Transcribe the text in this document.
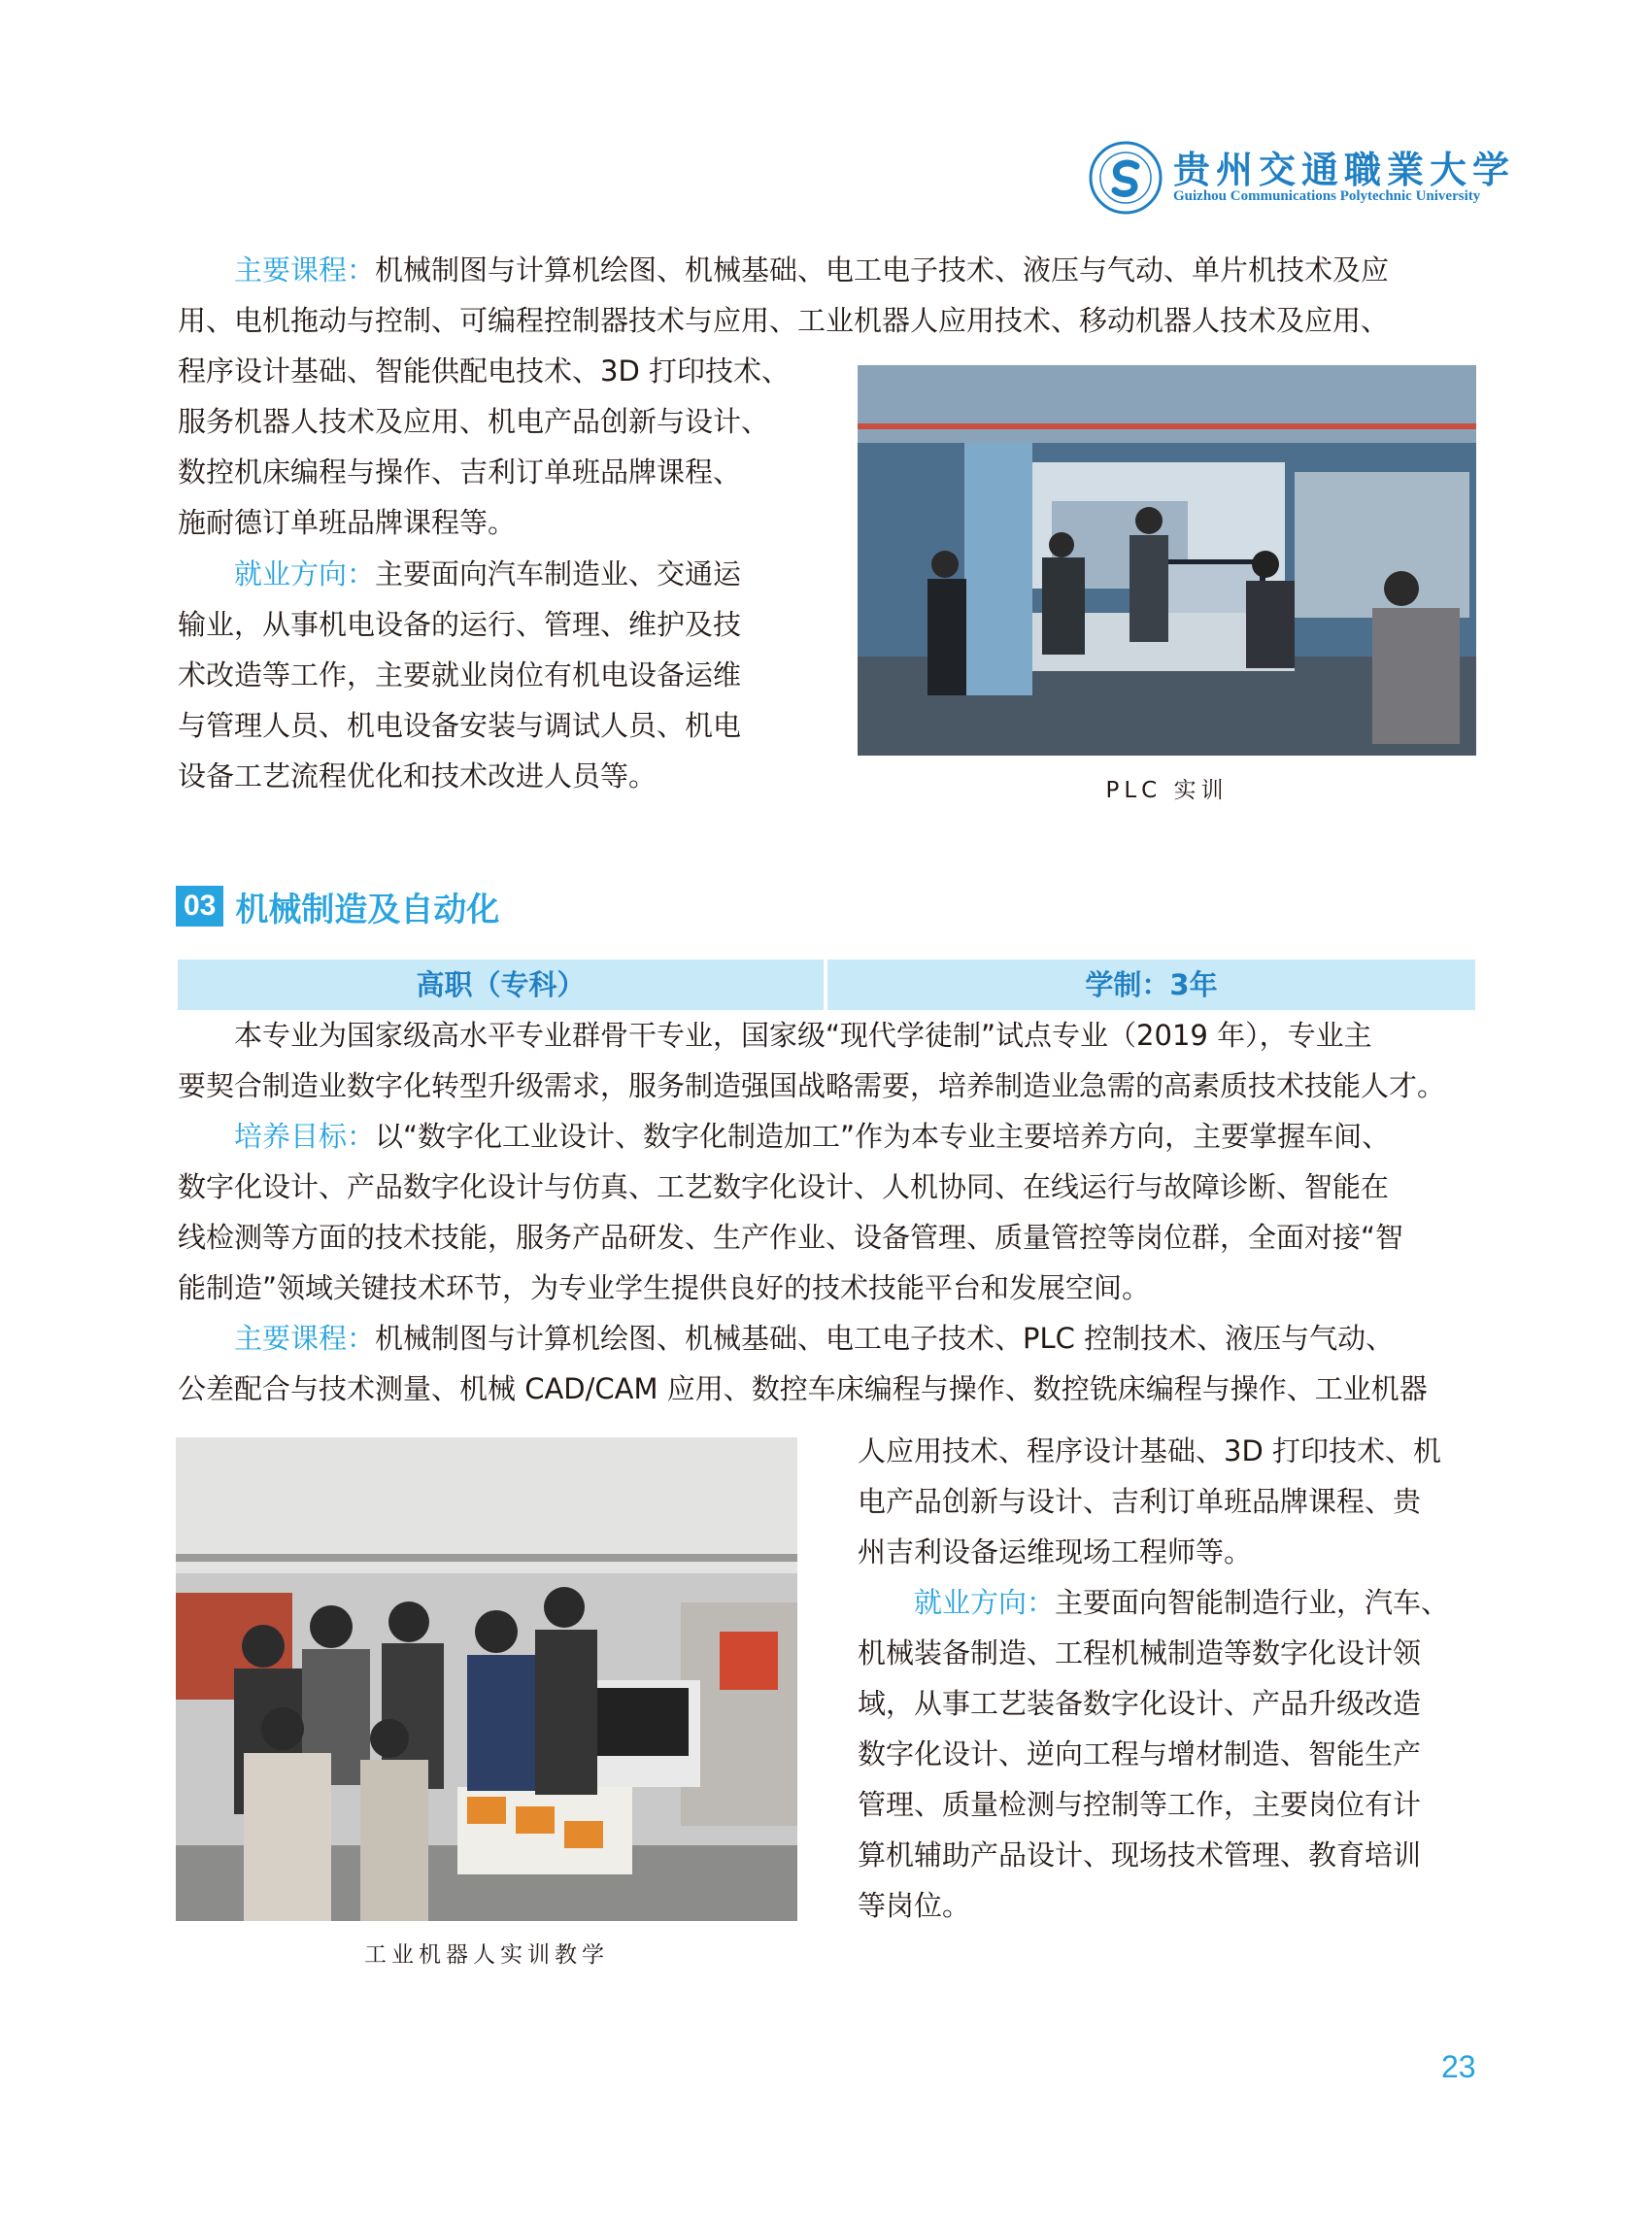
贵州交通職業大学
Guizhou Communications Polytechnic University
主要课程：机械制图与计算机绘图、机械基础、电工电子技术、液压与气动、单片机技术及应
用、电机拖动与控制、可编程控制器技术与应用、工业机器人应用技术、移动机器人技术及应用、
程序设计基础、智能供配电技术、3D 打印技术、
服务机器人技术及应用、机电产品创新与设计、
数控机床编程与操作、吉利订单班品牌课程、
施耐德订单班品牌课程等。
就业方向：主要面向汽车制造业、交通运
输业，从事机电设备的运行、管理、维护及技
术改造等工作，主要就业岗位有机电设备运维
与管理人员、机电设备安装与调试人员、机电
设备工艺流程优化和技术改进人员等。	PLC 实训
03 机械制造及自动化
高职（专科）	学制：3年
本专业为国家级高水平专业群骨干专业，国家级“现代学徒制”试点专业（2019 年），专业主
要契合制造业数字化转型升级需求，服务制造强国战略需要，培养制造业急需的高素质技术技能人才。
培养目标：以“数字化工业设计、数字化制造加工”作为本专业主要培养方向，主要掌握车间、
数字化设计、产品数字化设计与仿真、工艺数字化设计、人机协同、在线运行与故障诊断、智能在
线检测等方面的技术技能，服务产品研发、生产作业、设备管理、质量管控等岗位群，全面对接“智
能制造”领域关键技术环节，为专业学生提供良好的技术技能平台和发展空间。
主要课程：机械制图与计算机绘图、机械基础、电工电子技术、PLC 控制技术、液压与气动、
公差配合与技术测量、机械 CAD/CAM 应用、数控车床编程与操作、数控铣床编程与操作、工业机器
人应用技术、程序设计基础、3D 打印技术、机
电产品创新与设计、吉利订单班品牌课程、贵
州吉利设备运维现场工程师等。
就业方向：主要面向智能制造行业，汽车、
机械装备制造、工程机械制造等数字化设计领
域，从事工艺装备数字化设计、产品升级改造
数字化设计、逆向工程与增材制造、智能生产
管理、质量检测与控制等工作，主要岗位有计
算机辅助产品设计、现场技术管理、教育培训
等岗位。
工业机器人实训教学
23
